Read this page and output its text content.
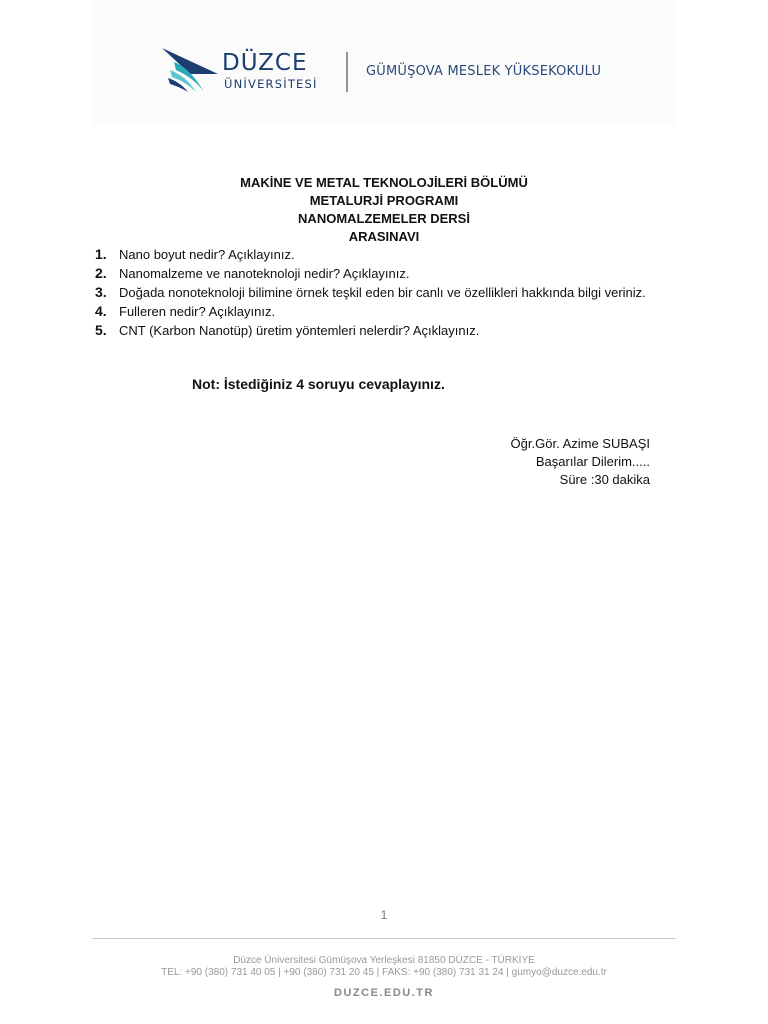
DÜZCE
ÜNİVERSİTESİ
GÜMÜŞOVA MESLEK YÜKSEKOKULU
MAKİNE VE METAL TEKNOLOJİLERİ BÖLÜMÜ
METALURJİ PROGRAMI
NANOMALZEMELER DERSİ
ARASINAVI
1. Nano boyut nedir? Açıklayınız.
2. Nanomalzeme ve nanoteknoloji nedir? Açıklayınız.
3. Doğada nonoteknoloji bilimine örnek teşkil eden bir canlı ve özellikleri hakkında bilgi veriniz.
4. Fulleren nedir? Açıklayınız.
5. CNT (Karbon Nanotüp) üretim yöntemleri nelerdir? Açıklayınız.
Not: İstediğiniz 4 soruyu cevaplayınız.
Öğr.Gör. Azime SUBAŞI
Başarılar Dilerim.....
Süre :30 dakika
1
Düzce Üniversitesi Gümüşova Yerleşkesi 81850 DÜZCE - TÜRKİYE
TEL: +90 (380) 731 40 05 | +90 (380) 731 20 45 | FAKS: +90 (380) 731 31 24 | gumyo@duzce.edu.tr
DUZCE.EDU.TR
